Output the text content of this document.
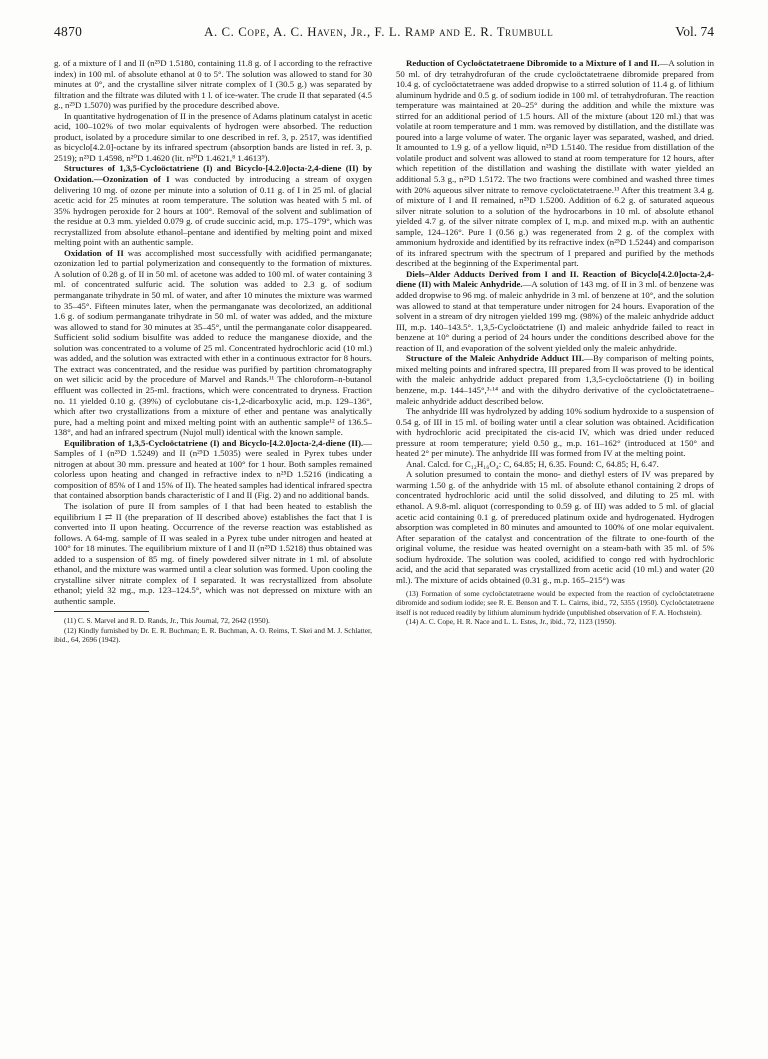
4870	A. C. Cope, A. C. Haven, Jr., F. L. Ramp and E. R. Trumbull	Vol. 74

g. of a mixture of I and II (n²⁵D 1.5180, containing 11.8 g. of I according to the refractive index) in 100 ml. of absolute ethanol at 0 to 5°. The solution was allowed to stand for 30 minutes at 0°, and the crystalline silver nitrate complex of I (30.5 g.) was separated by filtration and the filtrate was diluted with 1 l. of ice-water. The crude II that separated (4.5 g., n²⁵D 1.5070) was purified by the procedure described above.

In quantitative hydrogenation of II in the presence of Adams platinum catalyst in acetic acid, 100–102% of two molar equivalents of hydrogen were absorbed. The reduction product, isolated by a procedure similar to one described in ref. 3, p. 2517, was identified as bicyclo[4.2.0]-octane by its infrared spectrum (absorption bands are listed in ref. 3, p. 2519); n²⁵D 1.4598, n²⁰D 1.4620 (lit. n²⁰D 1.4621,⁸ 1.4613⁹).

Structures of 1,3,5-Cycloöctatriene (I) and Bicyclo-[4.2.0]octa-2,4-diene (II) by Oxidation.—Ozonization of I was conducted by introducing a stream of oxygen delivering 10 mg. of ozone per minute into a solution of 0.11 g. of I in 25 ml. of glacial acetic acid for 25 minutes at room temperature. The solution was heated with 5 ml. of 35% hydrogen peroxide for 2 hours at 100°. Removal of the solvent and sublimation of the residue at 0.3 mm. yielded 0.079 g. of crude succinic acid, m.p. 175–179°, which was recrystallized from absolute ethanol–pentane and identified by melting point and mixed melting point with an authentic sample.

Oxidation of II was accomplished most successfully with acidified permanganate; ozonization led to partial polymerization and consequently to the formation of mixtures. A solution of 0.28 g. of II in 50 ml. of acetone was added to 100 ml. of water containing 3 ml. of concentrated sulfuric acid. The solution was added to 2.3 g. of sodium permanganate trihydrate in 50 ml. of water, and after 10 minutes the mixture was warmed to 35–45°. Fifteen minutes later, when the permanganate was decolorized, an additional 1.6 g. of sodium permanganate trihydrate in 50 ml. of water was added, and the mixture was allowed to stand for 30 minutes at 35–45°, until the permanganate color disappeared. Sufficient solid sodium bisulfite was added to reduce the manganese dioxide, and the solution was concentrated to a volume of 25 ml. Concentrated hydrochloric acid (10 ml.) was added, and the solution was extracted with ether in a continuous extractor for 8 hours. The extract was concentrated, and the residue was purified by partition chromatography on wet silicic acid by the procedure of Marvel and Rands.¹¹ The chloroform–n-butanol effluent was collected in 25-ml. fractions, which were concentrated to dryness. Fraction no. 11 yielded 0.10 g. (39%) of cyclobutane cis-1,2-dicarboxylic acid, m.p. 129–136°, which after two crystallizations from a mixture of ether and pentane was analytically pure, had a melting point and mixed melting point with an authentic sample¹² of 136.5–138°, and had an infrared spectrum (Nujol mull) identical with the known sample.

Equilibration of 1,3,5-Cycloöctatriene (I) and Bicyclo-[4.2.0]octa-2,4-diene (II).—Samples of I (n²⁵D 1.5249) and II (n²⁵D 1.5035) were sealed in Pyrex tubes under nitrogen at about 30 mm. pressure and heated at 100° for 1 hour. Both samples remained colorless upon heating and changed in refractive index to n²⁵D 1.5216 (indicating a composition of 85% of I and 15% of II). The heated samples had identical infrared spectra that contained absorption bands characteristic of I and II (Fig. 2) and no additional bands.

The isolation of pure II from samples of I that had been heated to establish the equilibrium I ⇄ II (the preparation of II described above) establishes the fact that I is converted into II upon heating. Occurrence of the reverse reaction was established as follows. A 64-mg. sample of II was sealed in a Pyrex tube under nitrogen and heated at 100° for 18 minutes. The equilibrium mixture of I and II (n²⁵D 1.5218) thus obtained was added to a suspension of 85 mg. of finely powdered silver nitrate in 1 ml. of absolute ethanol, and the mixture was warmed until a clear solution was formed. Upon cooling the crystalline silver nitrate complex of I separated. It was recrystallized from absolute ethanol; yield 32 mg., m.p. 123–124.5°, which was not depressed on mixture with an authentic sample.

(11) C. S. Marvel and R. D. Rands, Jr., This Journal, 72, 2642 (1950).

(12) Kindly furnished by Dr. E. R. Buchman; E. R. Buchman, A. O. Reims, T. Skei and M. J. Schlatter, ibid., 64, 2696 (1942).

Reduction of Cycloöctatetraene Dibromide to a Mixture of I and II.—A solution in 50 ml. of dry tetrahydrofuran of the crude cycloöctatetraene dibromide prepared from 10.4 g. of cycloöctatetraene was added dropwise to a stirred solution of 11.4 g. of lithium aluminum hydride and 0.5 g. of sodium iodide in 100 ml. of tetrahydrofuran. The reaction temperature was maintained at 20–25° during the addition and while the mixture was stirred for an additional period of 1.5 hours. All of the mixture (about 120 ml.) that was volatile at room temperature and 1 mm. was removed by distillation, and the distillate was poured into a large volume of water. The organic layer was separated, washed, and dried. It amounted to 1.9 g. of a yellow liquid, n²⁵D 1.5140. The residue from distillation of the volatile product and solvent was allowed to stand at room temperature for 12 hours, after which repetition of the distillation and washing the distillate with water yielded an additional 5.3 g., n²⁵D 1.5172. The two fractions were combined and washed three times with 20% aqueous silver nitrate to remove cycloöctatetraene.¹³ After this treatment 3.4 g. of mixture of I and II remained, n²⁵D 1.5200. Addition of 6.2 g. of saturated aqueous silver nitrate solution to a solution of the hydrocarbons in 10 ml. of absolute ethanol yielded 4.7 g. of the silver nitrate complex of I, m.p. and mixed m.p. with an authentic sample, 124–126°. Pure I (0.56 g.) was regenerated from 2 g. of the complex with ammonium hydroxide and identified by its refractive index (n²⁵D 1.5244) and comparison of its infrared spectrum with the spectrum of I prepared and purified by the methods described at the beginning of the Experimental part.

Diels–Alder Adducts Derived from I and II. Reaction of Bicyclo[4.2.0]octa-2,4-diene (II) with Maleic Anhydride.—A solution of 143 mg. of II in 3 ml. of benzene was added dropwise to 96 mg. of maleic anhydride in 3 ml. of benzene at 10°, and the solution was allowed to stand at that temperature under nitrogen for 24 hours. Evaporation of the solvent in a stream of dry nitrogen yielded 199 mg. (98%) of the maleic anhydride adduct III, m.p. 140–143.5°. 1,3,5-Cycloöctatriene (I) and maleic anhydride failed to react in benzene at 10° during a period of 24 hours under the conditions described above for the reaction of II, and evaporation of the solvent yielded only the maleic anhydride.

Structure of the Maleic Anhydride Adduct III.—By comparison of melting points, mixed melting points and infrared spectra, III prepared from II was proved to be identical with the maleic anhydride adduct prepared from 1,3,5-cycloöctatriene (I) in boiling benzene, m.p. 144–145°,³·¹⁴ and with the dihydro derivative of the cycloöctatetraene–maleic anhydride adduct described below.

The anhydride III was hydrolyzed by adding 10% sodium hydroxide to a suspension of 0.54 g. of III in 15 ml. of boiling water until a clear solution was obtained. Acidification with hydrochloric acid precipitated the cis-acid IV, which was dried under reduced pressure at room temperature; yield 0.50 g., m.p. 161–162° (introduced at 150° and heated 2° per minute). The anhydride III was formed from IV at the melting point.

Anal. Calcd. for C₁₂H₁₆O₄: C, 64.85; H, 6.35. Found: C, 64.85; H, 6.47.

A solution presumed to contain the mono- and diethyl esters of IV was prepared by warming 1.50 g. of the anhydride with 15 ml. of absolute ethanol containing 2 drops of concentrated hydrochloric acid until the solid dissolved, and diluting to 25 ml. with ethanol. A 9.8-ml. aliquot (corresponding to 0.59 g. of III) was added to 5 ml. of glacial acetic acid containing 0.1 g. of prereduced platinum oxide and hydrogenated. Hydrogen absorption was completed in 80 minutes and amounted to 100% of one molar equivalent. After separation of the catalyst and concentration of the filtrate to one-fourth of the original volume, the residue was heated overnight on a steam-bath with 35 ml. of 5% sodium hydroxide. The solution was cooled, acidified to congo red with hydrochloric acid, and the acid that separated was crystallized from acetic acid (10 ml.) and water (20 ml.). The mixture of acids obtained (0.31 g., m.p. 165–215°) was

(13) Formation of some cycloöctatetraene would be expected from the reaction of cycloöctatetraene dibromide and sodium iodide; see R. E. Benson and T. L. Cairns, ibid., 72, 5355 (1950). Cycloöctatetraene itself is not reduced readily by lithium aluminum hydride (unpublished observation of F. A. Hochstein).

(14) A. C. Cope, H. R. Nace and L. L. Estes, Jr., ibid., 72, 1123 (1950).
